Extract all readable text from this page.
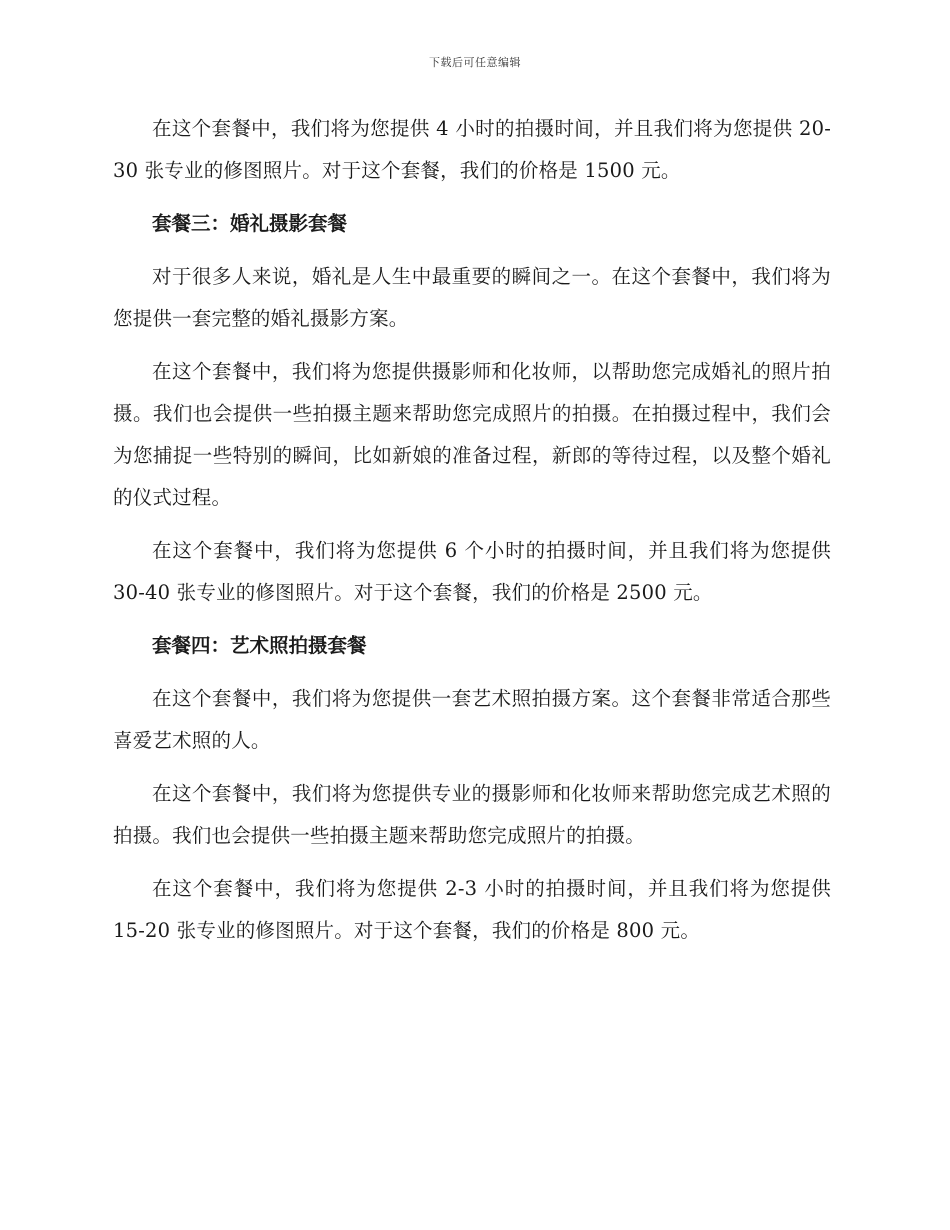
下载后可任意编辑

在这个套餐中，我们将为您提供 4 小时的拍摄时间，并且我们将为您提供 20-30 张专业的修图照片。对于这个套餐，我们的价格是 1500 元。

套餐三：婚礼摄影套餐

对于很多人来说，婚礼是人生中最重要的瞬间之一。在这个套餐中，我们将为您提供一套完整的婚礼摄影方案。

在这个套餐中，我们将为您提供摄影师和化妆师，以帮助您完成婚礼的照片拍摄。我们也会提供一些拍摄主题来帮助您完成照片的拍摄。在拍摄过程中，我们会为您捕捉一些特别的瞬间，比如新娘的准备过程，新郎的等待过程，以及整个婚礼的仪式过程。

在这个套餐中，我们将为您提供 6 个小时的拍摄时间，并且我们将为您提供 30-40 张专业的修图照片。对于这个套餐，我们的价格是 2500 元。

套餐四：艺术照拍摄套餐

在这个套餐中，我们将为您提供一套艺术照拍摄方案。这个套餐非常适合那些喜爱艺术照的人。

在这个套餐中，我们将为您提供专业的摄影师和化妆师来帮助您完成艺术照的拍摄。我们也会提供一些拍摄主题来帮助您完成照片的拍摄。

在这个套餐中，我们将为您提供 2-3 小时的拍摄时间，并且我们将为您提供 15-20 张专业的修图照片。对于这个套餐，我们的价格是 800 元。
